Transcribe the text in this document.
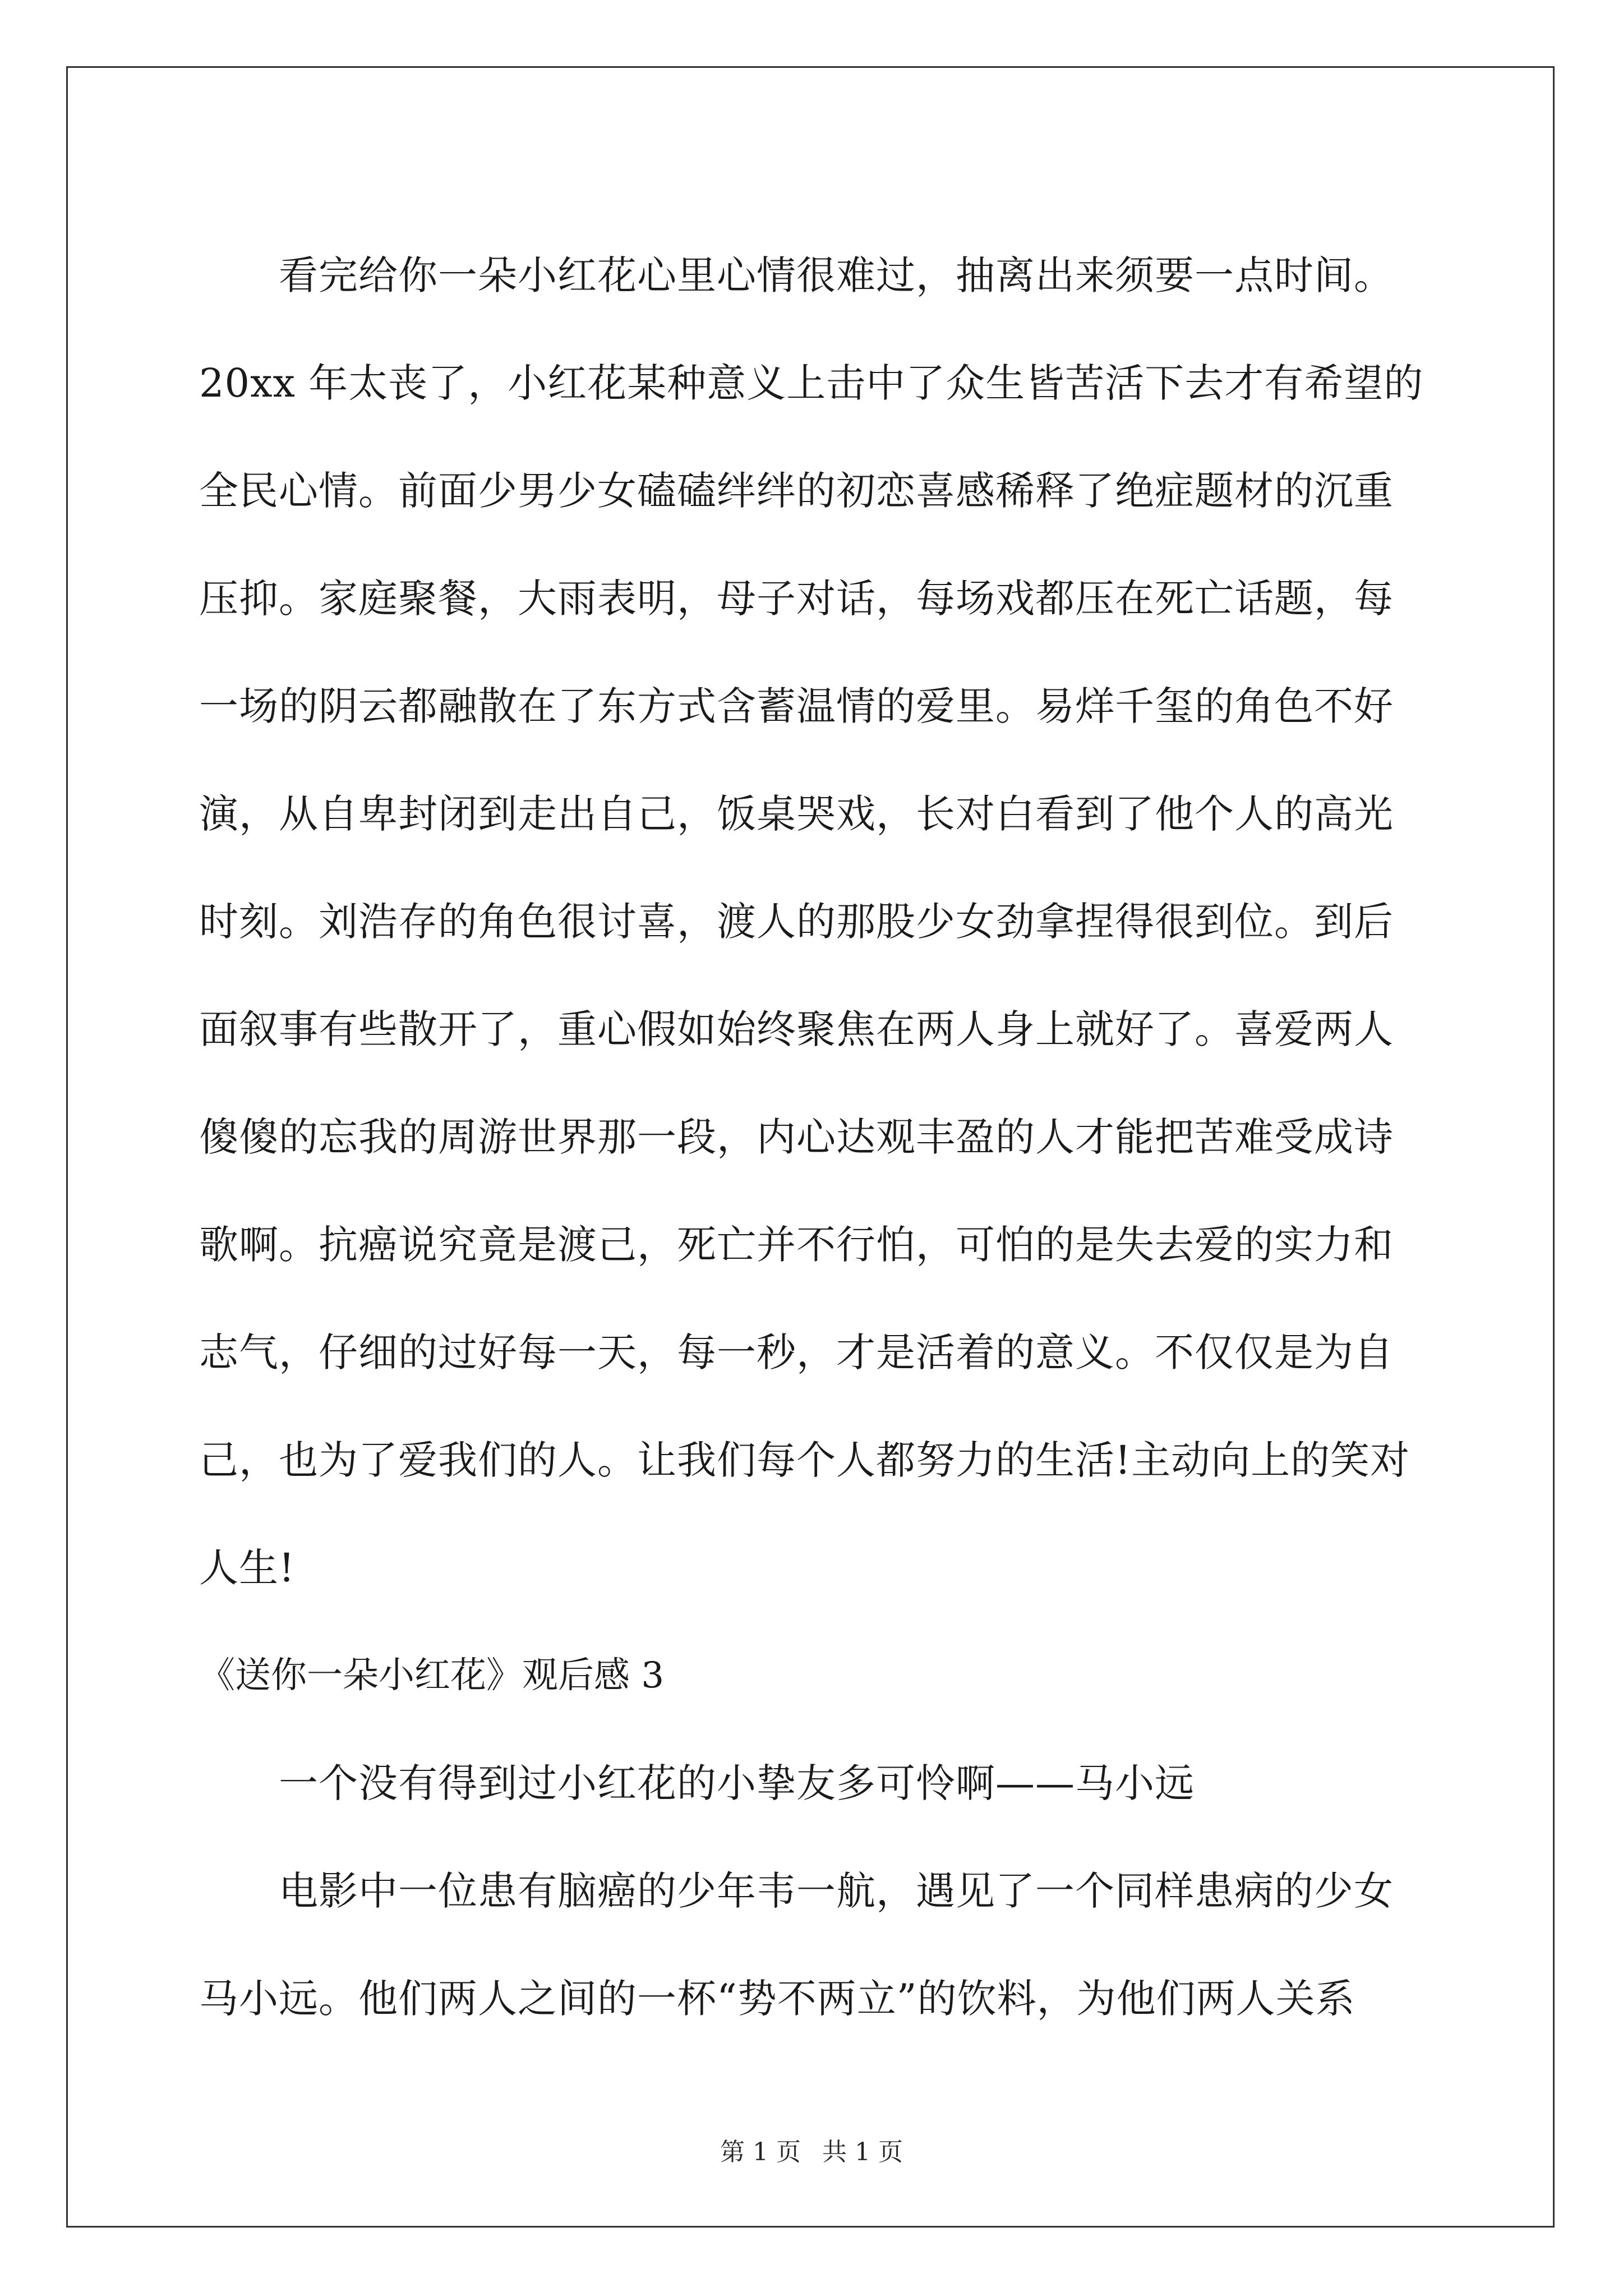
看完给你一朵小红花心里心情很难过，抽离出来须要一点时间。
20xx 年太丧了，小红花某种意义上击中了众生皆苦活下去才有希望的
全民心情。前面少男少女磕磕绊绊的初恋喜感稀释了绝症题材的沉重
压抑。家庭聚餐，大雨表明，母子对话，每场戏都压在死亡话题，每
一场的阴云都融散在了东方式含蓄温情的爱里。易烊千玺的角色不好
演，从自卑封闭到走出自己，饭桌哭戏，长对白看到了他个人的高光
时刻。刘浩存的角色很讨喜，渡人的那股少女劲拿捏得很到位。到后
面叙事有些散开了，重心假如始终聚焦在两人身上就好了。喜爱两人
傻傻的忘我的周游世界那一段，内心达观丰盈的人才能把苦难受成诗
歌啊。抗癌说究竟是渡己，死亡并不行怕，可怕的是失去爱的实力和
志气，仔细的过好每一天，每一秒，才是活着的意义。不仅仅是为自
己，也为了爱我们的人。让我们每个人都努力的生活!主动向上的笑对
人生!
《送你一朵小红花》观后感 3
一个没有得到过小红花的小挚友多可怜啊——马小远
电影中一位患有脑癌的少年韦一航，遇见了一个同样患病的少女
马小远。他们两人之间的一杯“势不两立”的饮料，为他们两人关系
第 1 页 共 1 页
